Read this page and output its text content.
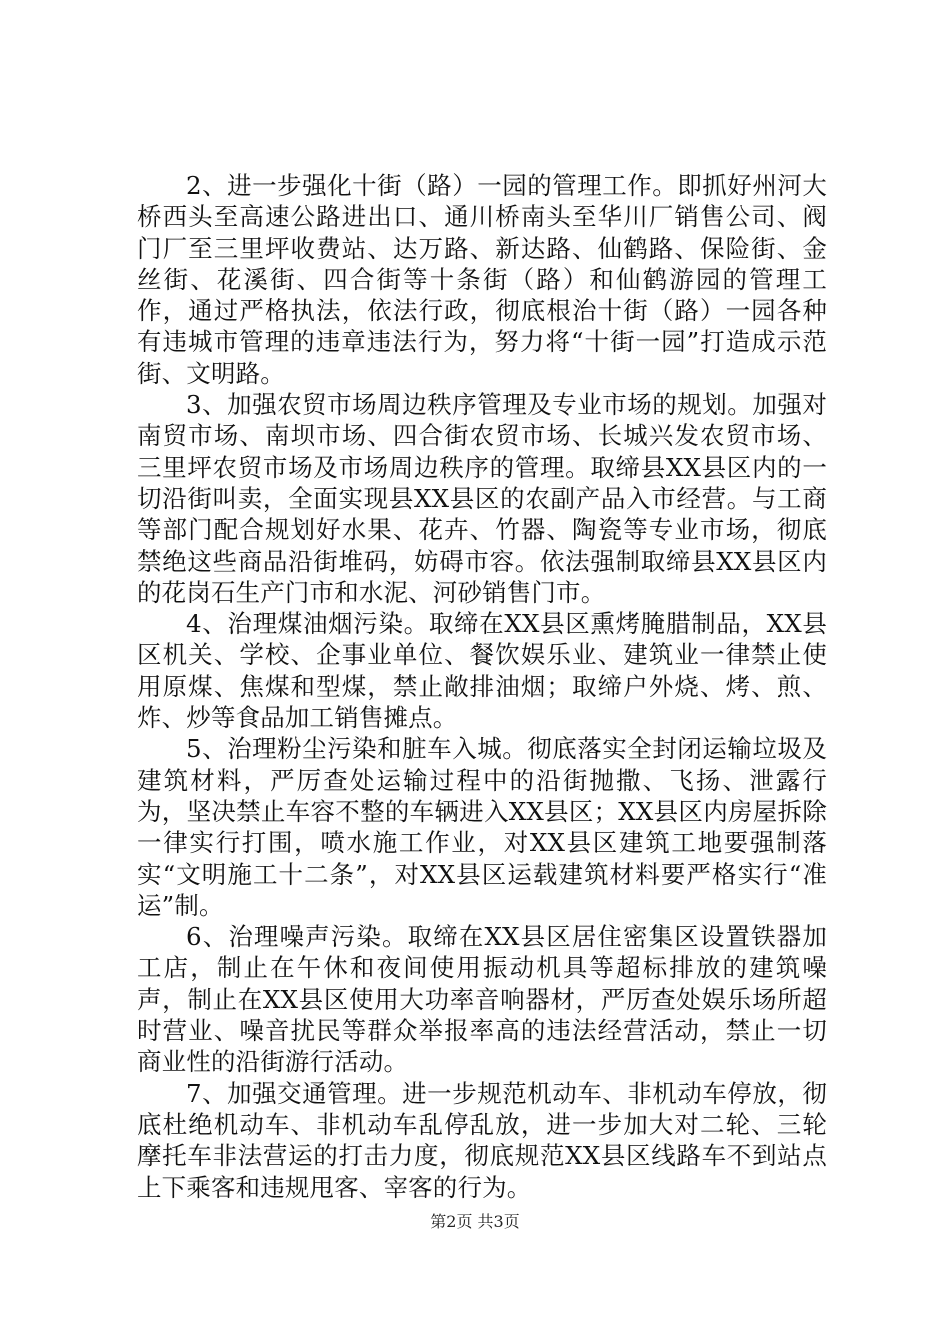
2、进一步强化十街（路）一园的管理工作。即抓好州河大桥西头至高速公路进出口、通川桥南头至华川厂销售公司、阀门厂至三里坪收费站、达万路、新达路、仙鹤路、保险街、金丝街、花溪街、四合街等十条街（路）和仙鹤游园的管理工作，通过严格执法，依法行政，彻底根治十街（路）一园各种有违城市管理的违章违法行为，努力将“十街一园”打造成示范街、文明路。

3、加强农贸市场周边秩序管理及专业市场的规划。加强对南贸市场、南坝市场、四合街农贸市场、长城兴发农贸市场、三里坪农贸市场及市场周边秩序的管理。取缔县XX县区内的一切沿街叫卖，全面实现县XX县区的农副产品入市经营。与工商等部门配合规划好水果、花卉、竹器、陶瓷等专业市场，彻底禁绝这些商品沿街堆码，妨碍市容。依法强制取缔县XX县区内的花岗石生产门市和水泥、河砂销售门市。

4、治理煤油烟污染。取缔在XX县区熏烤腌腊制品，XX县区机关、学校、企事业单位、餐饮娱乐业、建筑业一律禁止使用原煤、焦煤和型煤，禁止敞排油烟；取缔户外烧、烤、煎、炸、炒等食品加工销售摊点。

5、治理粉尘污染和脏车入城。彻底落实全封闭运输垃圾及建筑材料，严厉查处运输过程中的沿街抛撒、飞扬、泄露行为，坚决禁止车容不整的车辆进入XX县区；XX县区内房屋拆除一律实行打围，喷水施工作业，对XX县区建筑工地要强制落实“文明施工十二条”，对XX县区运载建筑材料要严格实行“准运”制。

6、治理噪声污染。取缔在XX县区居住密集区设置铁器加工店，制止在午休和夜间使用振动机具等超标排放的建筑噪声，制止在XX县区使用大功率音响器材，严厉查处娱乐场所超时营业、噪音扰民等群众举报率高的违法经营活动，禁止一切商业性的沿街游行活动。

7、加强交通管理。进一步规范机动车、非机动车停放，彻底杜绝机动车、非机动车乱停乱放，进一步加大对二轮、三轮摩托车非法营运的打击力度，彻底规范XX县区线路车不到站点上下乘客和违规甩客、宰客的行为。

第2页 共3页
